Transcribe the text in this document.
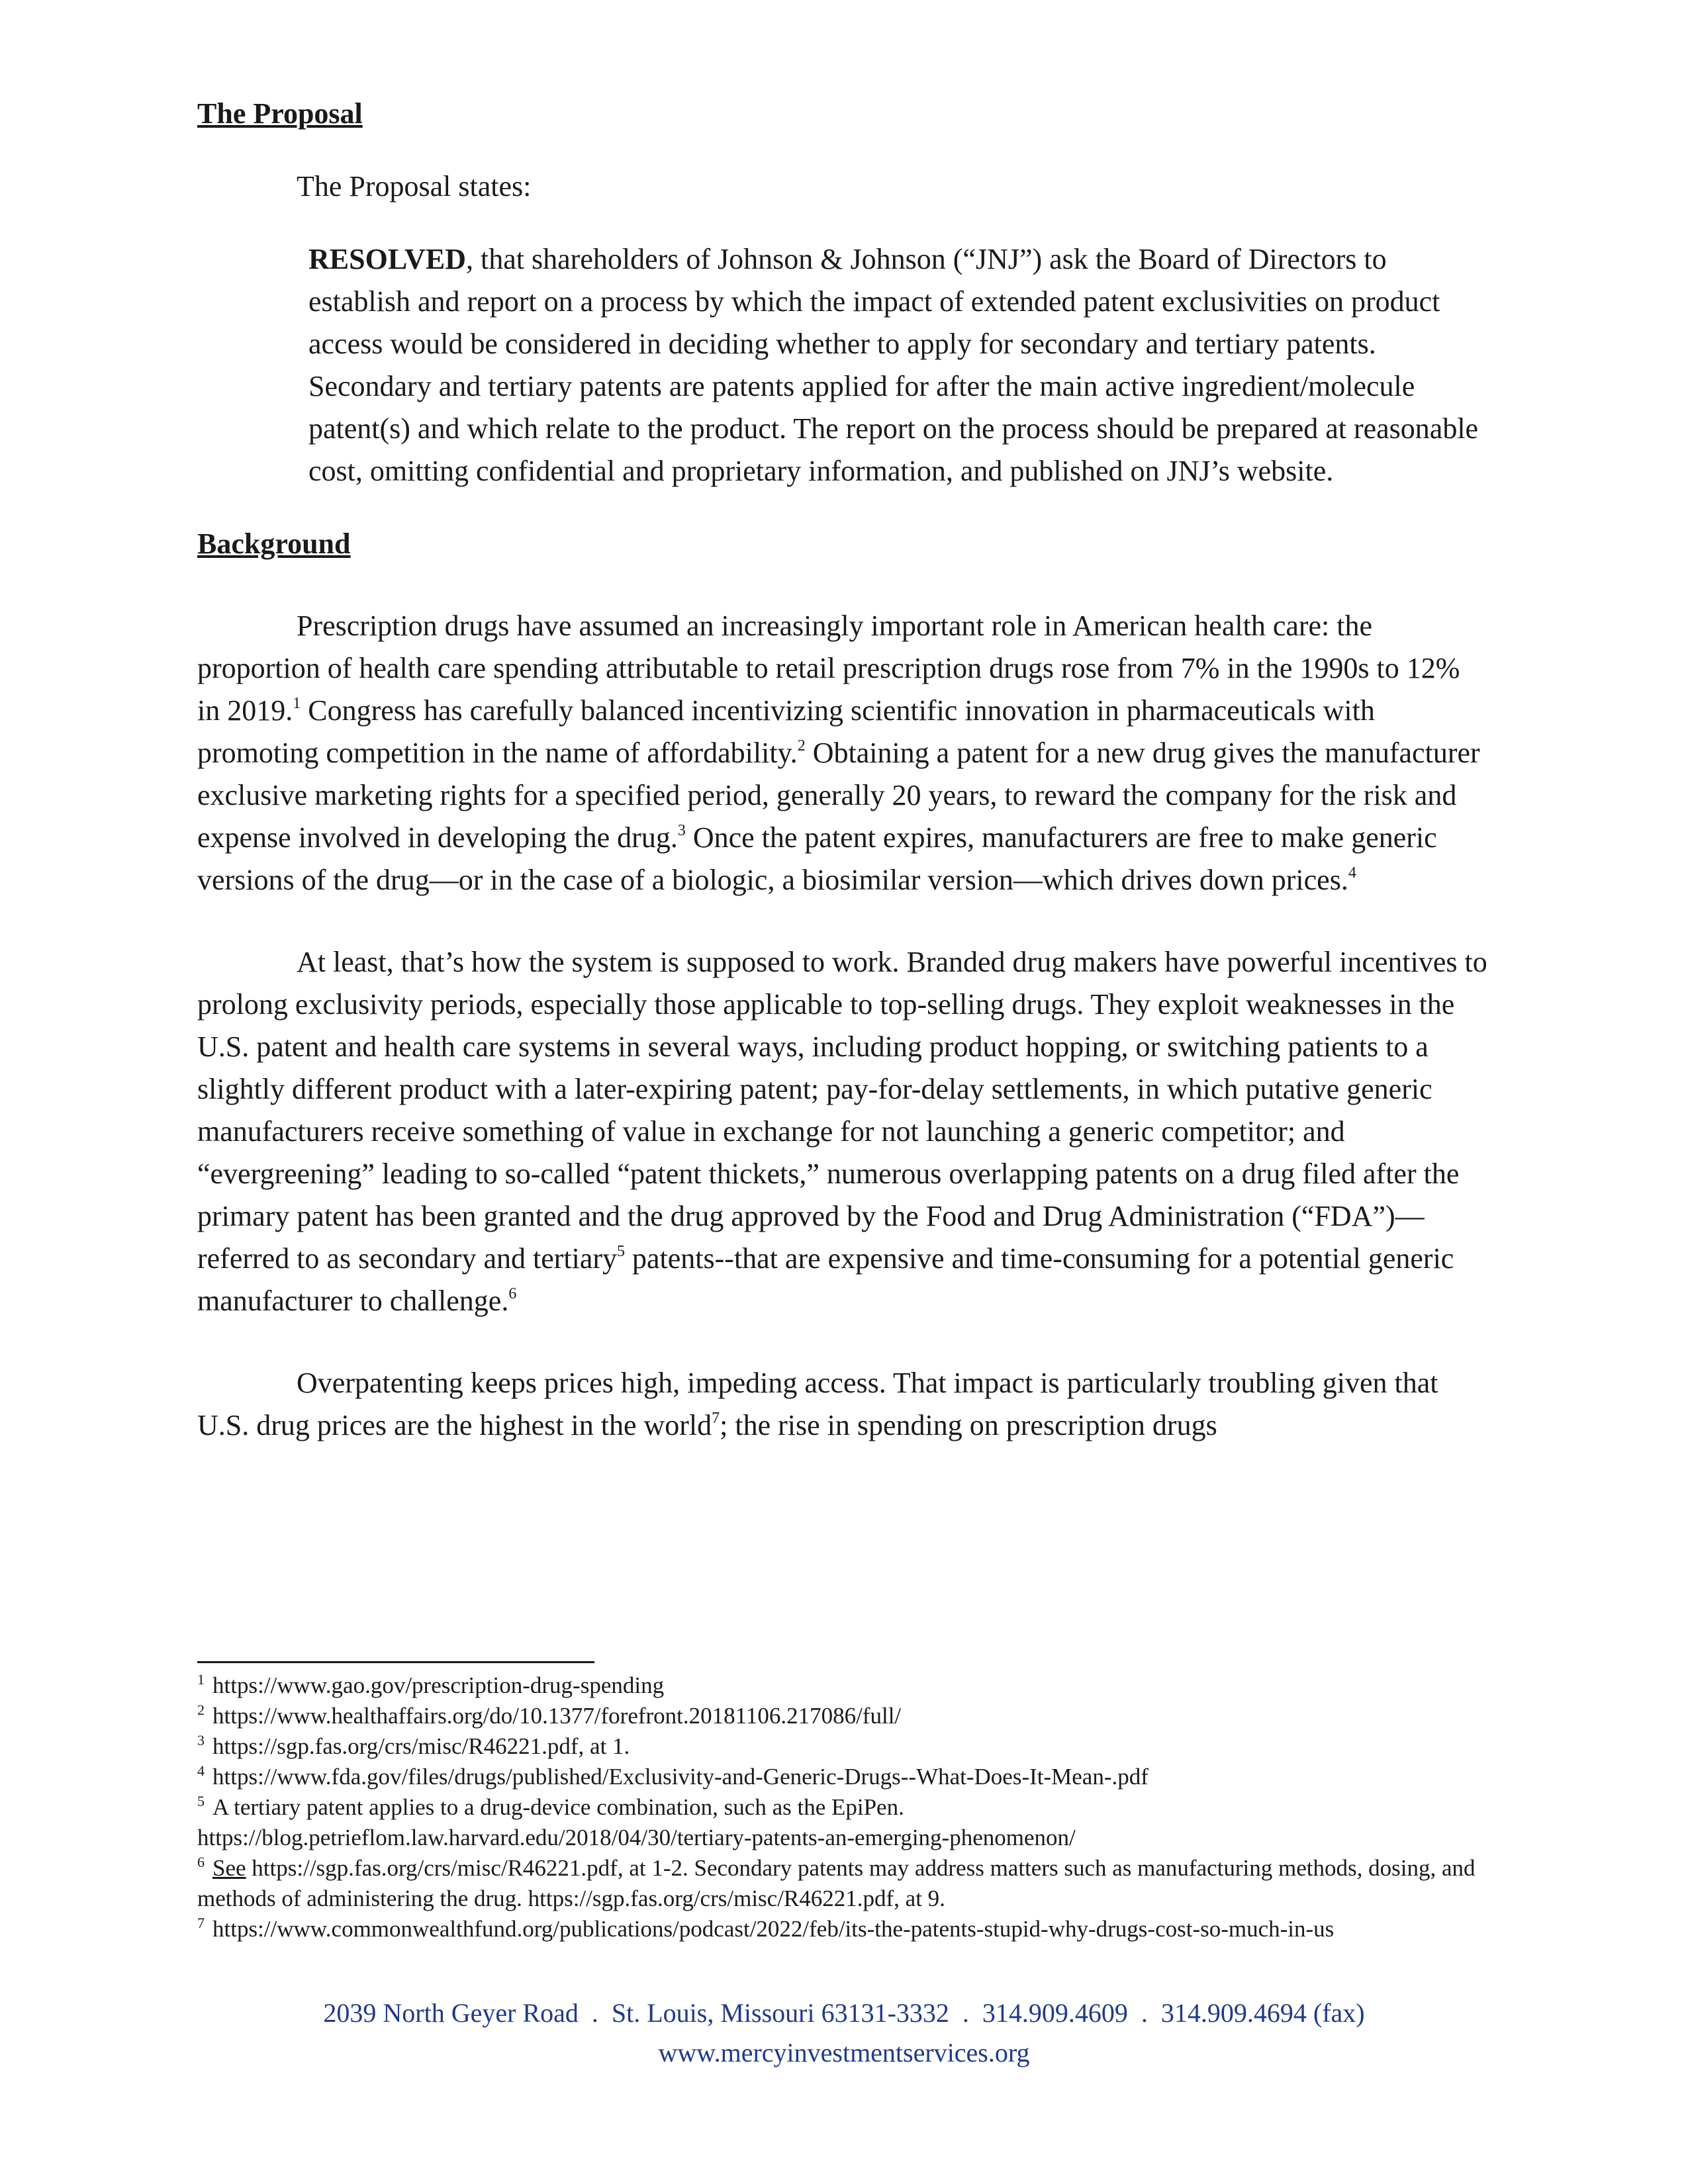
The Proposal

The Proposal states:

RESOLVED, that shareholders of Johnson & Johnson (“JNJ”) ask the Board of Directors to establish and report on a process by which the impact of extended patent exclusivities on product access would be considered in deciding whether to apply for secondary and tertiary patents. Secondary and tertiary patents are patents applied for after the main active ingredient/molecule patent(s) and which relate to the product. The report on the process should be prepared at reasonable cost, omitting confidential and proprietary information, and published on JNJ’s website.

Background

Prescription drugs have assumed an increasingly important role in American health care: the proportion of health care spending attributable to retail prescription drugs rose from 7% in the 1990s to 12% in 2019.$^1$ Congress has carefully balanced incentivizing scientific innovation in pharmaceuticals with promoting competition in the name of affordability.$^2$ Obtaining a patent for a new drug gives the manufacturer exclusive marketing rights for a specified period, generally 20 years, to reward the company for the risk and expense involved in developing the drug.$^3$ Once the patent expires, manufacturers are free to make generic versions of the drug—or in the case of a biologic, a biosimilar version—which drives down prices.$^4$

At least, that’s how the system is supposed to work. Branded drug makers have powerful incentives to prolong exclusivity periods, especially those applicable to top-selling drugs. They exploit weaknesses in the U.S. patent and health care systems in several ways, including product hopping, or switching patients to a slightly different product with a later-expiring patent; pay-for-delay settlements, in which putative generic manufacturers receive something of value in exchange for not launching a generic competitor; and “evergreening” leading to so-called “patent thickets,” numerous overlapping patents on a drug filed after the primary patent has been granted and the drug approved by the Food and Drug Administration (“FDA”)—referred to as secondary and tertiary$^5$ patents--that are expensive and time-consuming for a potential generic manufacturer to challenge.$^6$

Overpatenting keeps prices high, impeding access. That impact is particularly troubling given that U.S. drug prices are the highest in the world$^7$; the rise in spending on prescription drugs

$^1$ https://www.gao.gov/prescription-drug-spending

$^2$ https://www.healthaffairs.org/do/10.1377/forefront.20181106.217086/full/

$^3$ https://sgp.fas.org/crs/misc/R46221.pdf, at 1.

$^4$ https://www.fda.gov/files/drugs/published/Exclusivity-and-Generic-Drugs--What-Does-It-Mean-.pdf

$^5$ A tertiary patent applies to a drug-device combination, such as the EpiPen.

https://blog.petrieflom.law.harvard.edu/2018/04/30/tertiary-patents-an-emerging-phenomenon/

$^6$ See https://sgp.fas.org/crs/misc/R46221.pdf, at 1-2. Secondary patents may address matters such as manufacturing methods, dosing, and methods of administering the drug. https://sgp.fas.org/crs/misc/R46221.pdf, at 9.

$^7$ https://www.commonwealthfund.org/publications/podcast/2022/feb/its-the-patents-stupid-why-drugs-cost-so-much-in-us

2039 North Geyer Road  .  St. Louis, Missouri 63131-3332  .  314.909.4609  .  314.909.4694 (fax)
www.mercyinvestmentservices.org
